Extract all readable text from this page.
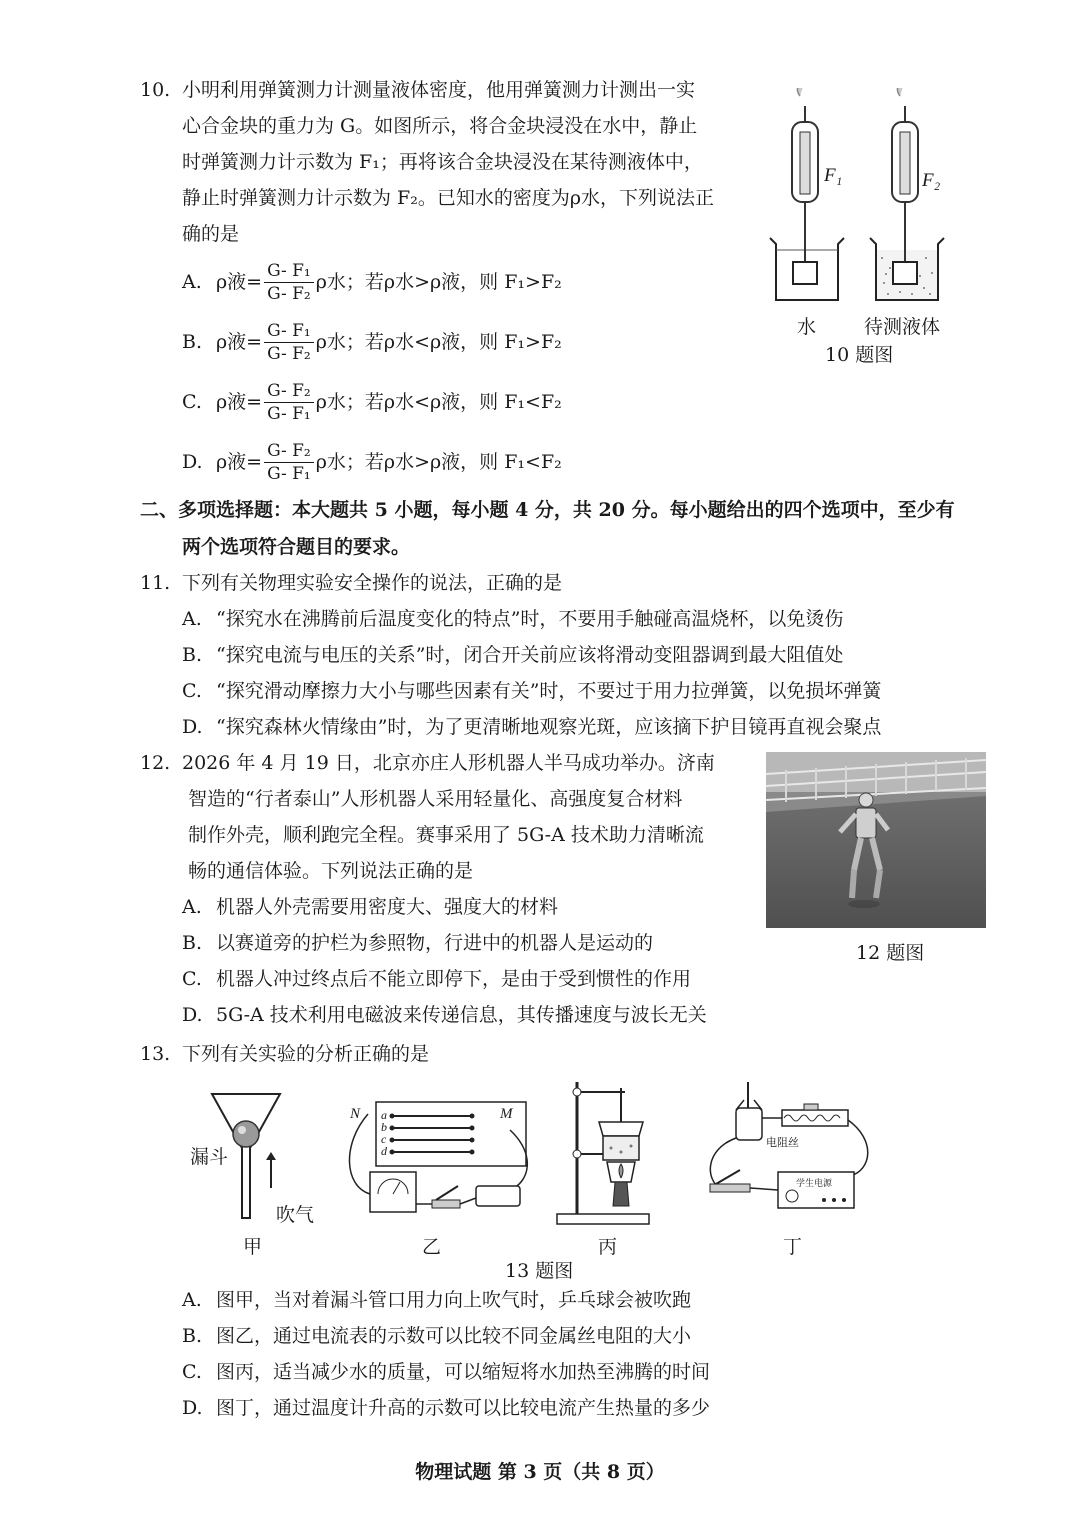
10. 小明利用弹簧测力计测量液体密度，他用弹簧测力计测出一实
心合金块的重力为 G。如图所示，将合金块浸没在水中，静止
时弹簧测力计示数为 F₁；再将该合金块浸没在某待测液体中，
静止时弹簧测力计示数为 F₂。已知水的密度为ρ水，下列说法正
确的是
A. ρ液= $\frac{\text{G- F₁}}{\text{G- F₂}}$ ρ水；若ρ水>ρ液，则 F₁>F₂
B. ρ液= $\frac{\text{G- F₁}}{\text{G- F₂}}$ ρ水；若ρ水<ρ液，则 F₁>F₂
C. ρ液= $\frac{\text{G- F₂}}{\text{G- F₁}}$ ρ水；若ρ水<ρ液，则 F₁<F₂
D. ρ液= $\frac{\text{G- F₂}}{\text{G- F₁}}$ ρ水；若ρ水>ρ液，则 F₁<F₂
F₁	F₂
水	待测液体
10 题图
二、多项选择题：本大题共 5 小题，每小题 4 分，共 20 分。每小题给出的四个选项中，至少有
两个选项符合题目的要求。
11. 下列有关物理实验安全操作的说法，正确的是
A. “探究水在沸腾前后温度变化的特点”时，不要用手触碰高温烧杯，以免烫伤
B. “探究电流与电压的关系”时，闭合开关前应该将滑动变阻器调到最大阻值处
C. “探究滑动摩擦力大小与哪些因素有关”时，不要过于用力拉弹簧，以免损坏弹簧
D. “探究森林火情缘由”时，为了更清晰地观察光斑，应该摘下护目镜再直视会聚点
12. 2026 年 4 月 19 日，北京亦庄人形机器人半马成功举办。济南
智造的“行者泰山”人形机器人采用轻量化、高强度复合材料
制作外壳，顺利跑完全程。赛事采用了 5G-A 技术助力清晰流
畅的通信体验。下列说法正确的是
A. 机器人外壳需要用密度大、强度大的材料
B. 以赛道旁的护栏为参照物，行进中的机器人是运动的
C. 机器人冲过终点后不能立即停下，是由于受到惯性的作用
D. 5G-A 技术利用电磁波来传递信息，其传播速度与波长无关
12 题图
13. 下列有关实验的分析正确的是
漏斗
吹气
甲
N	M
a
b
c
d
乙	丙
电阻丝
学生电源
丁
13 题图
A. 图甲，当对着漏斗管口用力向上吹气时，乒乓球会被吹跑
B. 图乙，通过电流表的示数可以比较不同金属丝电阻的大小
C. 图丙，适当减少水的质量，可以缩短将水加热至沸腾的时间
D. 图丁，通过温度计升高的示数可以比较电流产生热量的多少
物理试题 第 3 页（共 8 页）
